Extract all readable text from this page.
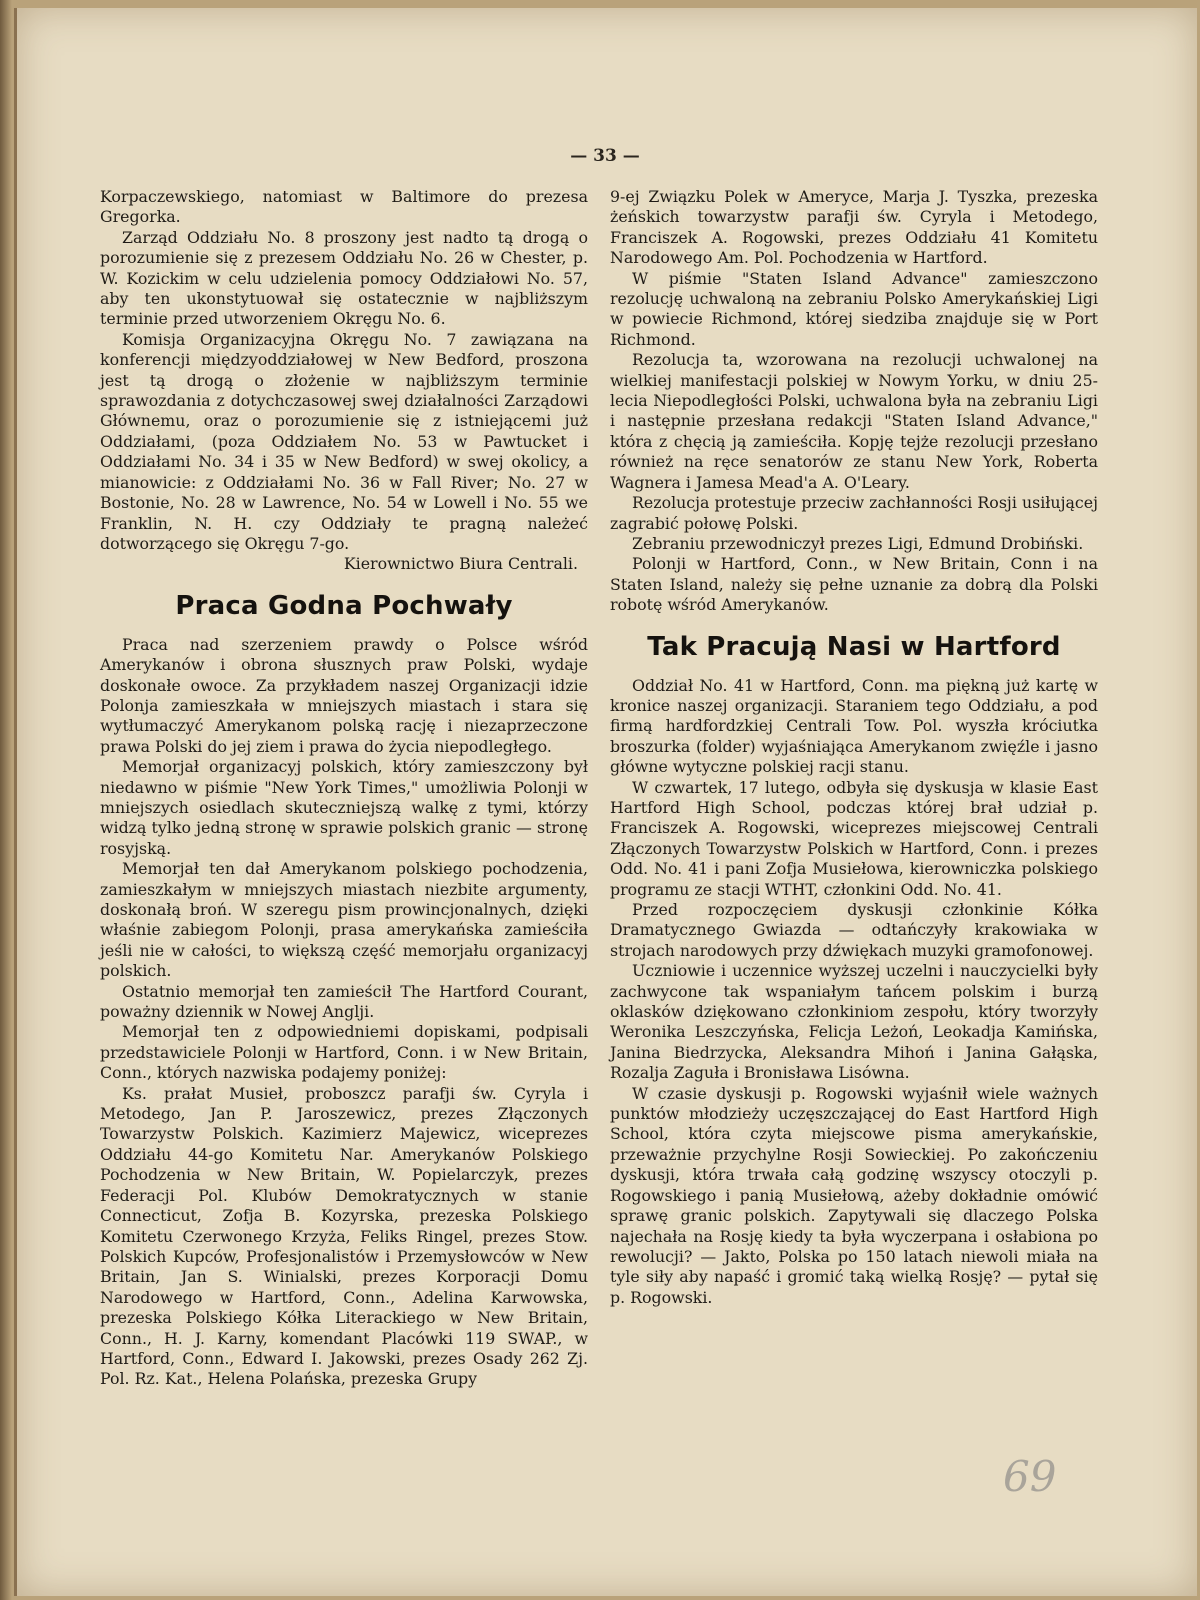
— 33 —

Korpaczewskiego, natomiast w Baltimore do prezesa Gregorka.

Zarząd Oddziału No. 8 proszony jest nadto tą drogą o porozumienie się z prezesem Oddziału No. 26 w Chester, p. W. Kozickim w celu udzielenia pomocy Oddziałowi No. 57, aby ten ukonstytuował się ostatecznie w najbliższym terminie przed utworzeniem Okręgu No. 6.

Komisja Organizacyjna Okręgu No. 7 zawiązana na konferencji międzyoddziałowej w New Bedford, proszona jest tą drogą o złożenie w najbliższym terminie sprawozdania z dotychczasowej swej działalności Zarządowi Głównemu, oraz o porozumienie się z istniejącemi już Oddziałami, (poza Oddziałem No. 53 w Pawtucket i Oddziałami No. 34 i 35 w New Bedford) w swej okolicy, a mianowicie: z Oddziałami No. 36 w Fall River; No. 27 w Bostonie, No. 28 w Lawrence, No. 54 w Lowell i No. 55 we Franklin, N. H. czy Oddziały te pragną należeć dotworzącego się Okręgu 7-go.

Kierownictwo Biura Centrali.

Praca Godna Pochwały

Praca nad szerzeniem prawdy o Polsce wśród Amerykanów i obrona słusznych praw Polski, wydaje doskonałe owoce. Za przykładem naszej Organizacji idzie Polonja zamieszkała w mniejszych miastach i stara się wytłumaczyć Amerykanom polską rację i niezaprzeczone prawa Polski do jej ziem i prawa do życia niepodległego.

Memorjał organizacyj polskich, który zamieszczony był niedawno w piśmie "New York Times," umożliwia Polonji w mniejszych osiedlach skuteczniejszą walkę z tymi, którzy widzą tylko jedną stronę w sprawie polskich granic — stronę rosyjską.

Memorjał ten dał Amerykanom polskiego pochodzenia, zamieszkałym w mniejszych miastach niezbite argumenty, doskonałą broń. W szeregu pism prowincjonalnych, dzięki właśnie zabiegom Polonji, prasa amerykańska zamieściła jeśli nie w całości, to większą część memorjału organizacyj polskich.

Ostatnio memorjał ten zamieścił The Hartford Courant, poważny dziennik w Nowej Anglji.

Memorjał ten z odpowiedniemi dopiskami, podpisali przedstawiciele Polonji w Hartford, Conn. i w New Britain, Conn., których nazwiska podajemy poniżej:

Ks. prałat Musieł, proboszcz parafji św. Cyryla i Metodego, Jan P. Jaroszewicz, prezes Złączonych Towarzystw Polskich. Kazimierz Majewicz, wiceprezes Oddziału 44-go Komitetu Nar. Amerykanów Polskiego Pochodzenia w New Britain, W. Popielarczyk, prezes Federacji Pol. Klubów Demokratycznych w stanie Connecticut, Zofja B. Kozyrska, prezeska Polskiego Komitetu Czerwonego Krzyża, Feliks Ringel, prezes Stow. Polskich Kupców, Profesjonalistów i Przemysłowców w New Britain, Jan S. Winialski, prezes Korporacji Domu Narodowego w Hartford, Conn., Adelina Karwowska, prezeska Polskiego Kółka Literackiego w New Britain, Conn., H. J. Karny, komendant Placówki 119 SWAP., w Hartford, Conn., Edward I. Jakowski, prezes Osady 262 Zj. Pol. Rz. Kat., Helena Polańska, prezeska Grupy

9-ej Związku Polek w Ameryce, Marja J. Tyszka, prezeska żeńskich towarzystw parafji św. Cyryla i Metodego, Franciszek A. Rogowski, prezes Oddziału 41 Komitetu Narodowego Am. Pol. Pochodzenia w Hartford.

W piśmie "Staten Island Advance" zamieszczono rezolucję uchwaloną na zebraniu Polsko Amerykańskiej Ligi w powiecie Richmond, której siedziba znajduje się w Port Richmond.

Rezolucja ta, wzorowana na rezolucji uchwalonej na wielkiej manifestacji polskiej w Nowym Yorku, w dniu 25-lecia Niepodległości Polski, uchwalona była na zebraniu Ligi i następnie przesłana redakcji "Staten Island Advance," która z chęcią ją zamieściła. Kopję tejże rezolucji przesłano również na ręce senatorów ze stanu New York, Roberta Wagnera i Jamesa Mead'a A. O'Leary.

Rezolucja protestuje przeciw zachłanności Rosji usiłującej zagrabić połowę Polski.

Zebraniu przewodniczył prezes Ligi, Edmund Drobiński.

Polonji w Hartford, Conn., w New Britain, Conn i na Staten Island, należy się pełne uznanie za dobrą dla Polski robotę wśród Amerykanów.

Tak Pracują Nasi w Hartford

Oddział No. 41 w Hartford, Conn. ma piękną już kartę w kronice naszej organizacji. Staraniem tego Oddziału, a pod firmą hardfordzkiej Centrali Tow. Pol. wyszła króciutka broszurka (folder) wyjaśniająca Amerykanom zwięźle i jasno główne wytyczne polskiej racji stanu.

W czwartek, 17 lutego, odbyła się dyskusja w klasie East Hartford High School, podczas której brał udział p. Franciszek A. Rogowski, wiceprezes miejscowej Centrali Złączonych Towarzystw Polskich w Hartford, Conn. i prezes Odd. No. 41 i pani Zofja Musiełowa, kierowniczka polskiego programu ze stacji WTHT, członkini Odd. No. 41.

Przed rozpoczęciem dyskusji członkinie Kółka Dramatycznego Gwiazda — odtańczyły krakowiaka w strojach narodowych przy dźwiękach muzyki gramofonowej.

Uczniowie i uczennice wyższej uczelni i nauczycielki były zachwycone tak wspaniałym tańcem polskim i burzą oklasków dziękowano członkiniom zespołu, który tworzyły Weronika Leszczyńska, Felicja Leżoń, Leokadja Kamińska, Janina Biedrzycka, Aleksandra Mihoń i Janina Gałąska, Rozalja Zaguła i Bronisława Lisówna.

W czasie dyskusji p. Rogowski wyjaśnił wiele ważnych punktów młodzieży uczęszczającej do East Hartford High School, która czyta miejscowe pisma amerykańskie, przeważnie przychylne Rosji Sowieckiej. Po zakończeniu dyskusji, która trwała całą godzinę wszyscy otoczyli p. Rogowskiego i panią Musiełową, ażeby dokładnie omówić sprawę granic polskich. Zapytywali się dlaczego Polska najechała na Rosję kiedy ta była wyczerpana i osłabiona po rewolucji? — Jakto, Polska po 150 latach niewoli miała na tyle siły aby napaść i gromić taką wielką Rosję? — pytał się p. Rogowski.

69
